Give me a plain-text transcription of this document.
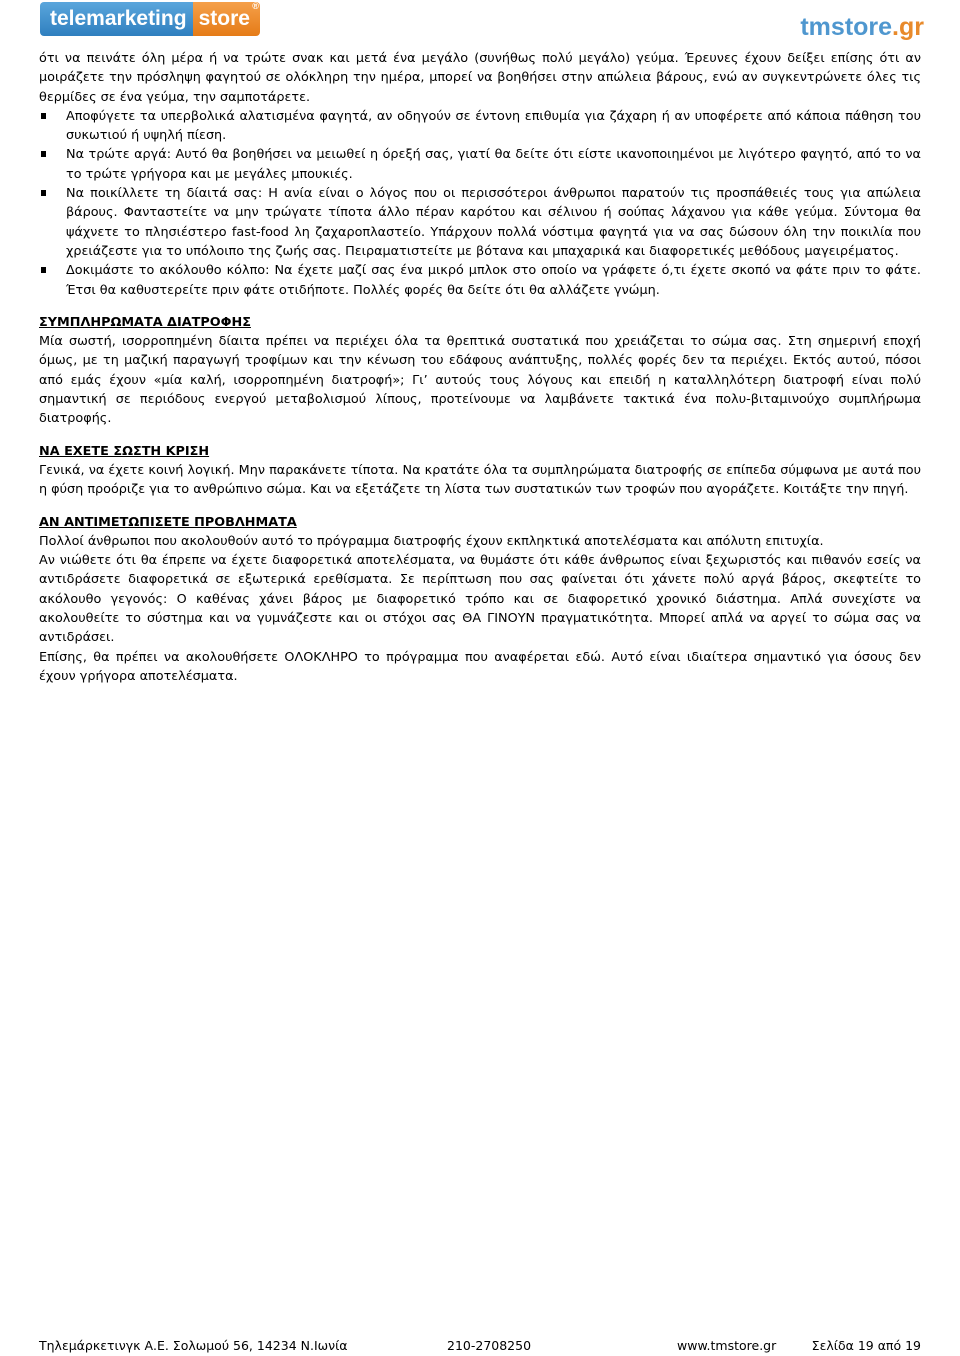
telemarketing store
®
tmstore.gr

ότι να πεινάτε όλη μέρα ή να τρώτε σνακ και μετά ένα μεγάλο (συνήθως πολύ μεγάλο) γεύμα. Έρευνες έχουν δείξει επίσης ότι αν μοιράζετε την πρόσληψη φαγητού σε ολόκληρη την ημέρα, μπορεί να βοηθήσει στην απώλεια βάρους, ενώ αν συγκεντρώνετε όλες τις θερμίδες σε ένα γεύμα, την σαμποτάρετε.

Αποφύγετε τα υπερβολικά αλατισμένα φαγητά, αν οδηγούν σε έντονη επιθυμία για ζάχαρη ή αν υποφέρετε από κάποια πάθηση του συκωτιού ή υψηλή πίεση.
Να τρώτε αργά: Αυτό θα βοηθήσει να μειωθεί η όρεξή σας, γιατί θα δείτε ότι είστε ικανοποιημένοι με λιγότερο φαγητό, από το να το τρώτε γρήγορα και με μεγάλες μπουκιές.
Να ποικίλλετε τη δίαιτά σας: Η ανία είναι ο λόγος που οι περισσότεροι άνθρωποι παρατούν τις προσπάθειές τους για απώλεια βάρους. Φανταστείτε να μην τρώγατε τίποτα άλλο πέραν καρότου και σέλινου ή σούπας λάχανου για κάθε γεύμα. Σύντομα θα ψάχνετε το πλησιέστερο fast-food λη ζαχαροπλαστείο. Υπάρχουν πολλά νόστιμα φαγητά για να σας δώσουν όλη την ποικιλία που χρειάζεστε για το υπόλοιπο της ζωής σας. Πειραματιστείτε με βότανα και μπαχαρικά και διαφορετικές μεθόδους μαγειρέματος.
Δοκιμάστε το ακόλουθο κόλπο: Να έχετε μαζί σας ένα μικρό μπλοκ στο οποίο να γράφετε ό,τι έχετε σκοπό να φάτε πριν το φάτε. Έτσι θα καθυστερείτε πριν φάτε οτιδήποτε. Πολλές φορές θα δείτε ότι θα αλλάζετε γνώμη.
ΣΥΜΠΛΗΡΩΜΑΤΑ ΔΙΑΤΡΟΦΗΣ

Μία σωστή, ισορροπημένη δίαιτα πρέπει να περιέχει όλα τα θρεπτικά συστατικά που χρειάζεται το σώμα σας. Στη σημερινή εποχή όμως, με τη μαζική παραγωγή τροφίμων και την κένωση του εδάφους ανάπτυξης, πολλές φορές δεν τα περιέχει. Εκτός αυτού, πόσοι από εμάς έχουν «μία καλή, ισορροπημένη διατροφή»; Γι’ αυτούς τους λόγους και επειδή η καταλληλότερη διατροφή είναι πολύ σημαντική σε περιόδους ενεργού μεταβολισμού λίπους, προτείνουμε να λαμβάνετε τακτικά ένα πολυ-βιταμινούχο συμπλήρωμα διατροφής.

ΝΑ ΕΧΕΤΕ ΣΩΣΤΗ ΚΡΙΣΗ

Γενικά, να έχετε κοινή λογική. Μην παρακάνετε τίποτα. Να κρατάτε όλα τα συμπληρώματα διατροφής σε επίπεδα σύμφωνα με αυτά που η φύση προόριζε για το ανθρώπινο σώμα. Και να εξετάζετε τη λίστα των συστατικών των τροφών που αγοράζετε. Κοιτάξτε την πηγή.

ΑΝ ΑΝΤΙΜΕΤΩΠΙΣΕΤΕ ΠΡΟΒΛΗΜΑΤΑ

Πολλοί άνθρωποι που ακολουθούν αυτό το πρόγραμμα διατροφής έχουν εκπληκτικά αποτελέσματα και απόλυτη επιτυχία.

Αν νιώθετε ότι θα έπρεπε να έχετε διαφορετικά αποτελέσματα, να θυμάστε ότι κάθε άνθρωπος είναι ξεχωριστός και πιθανόν εσείς να αντιδράσετε διαφορετικά σε εξωτερικά ερεθίσματα. Σε περίπτωση που σας φαίνεται ότι χάνετε πολύ αργά βάρος, σκεφτείτε το ακόλουθο γεγονός: Ο καθένας χάνει βάρος με διαφορετικό τρόπο και σε διαφορετικό χρονικό διάστημα. Απλά συνεχίστε να ακολουθείτε το σύστημα και να γυμνάζεστε και οι στόχοι σας ΘΑ ΓΙΝΟΥΝ πραγματικότητα. Μπορεί απλά να αργεί το σώμα σας να αντιδράσει.

Επίσης, θα πρέπει να ακολουθήσετε ΟΛΟΚΛΗΡΟ το πρόγραμμα που αναφέρεται εδώ. Αυτό είναι ιδιαίτερα σημαντικό για όσους δεν έχουν γρήγορα αποτελέσματα.

Τηλεμάρκετινγκ Α.Ε. Σολωμού 56, 14234 Ν.Ιωνία	210-2708250	www.tmstore.gr	Σελίδα 19 από 19
